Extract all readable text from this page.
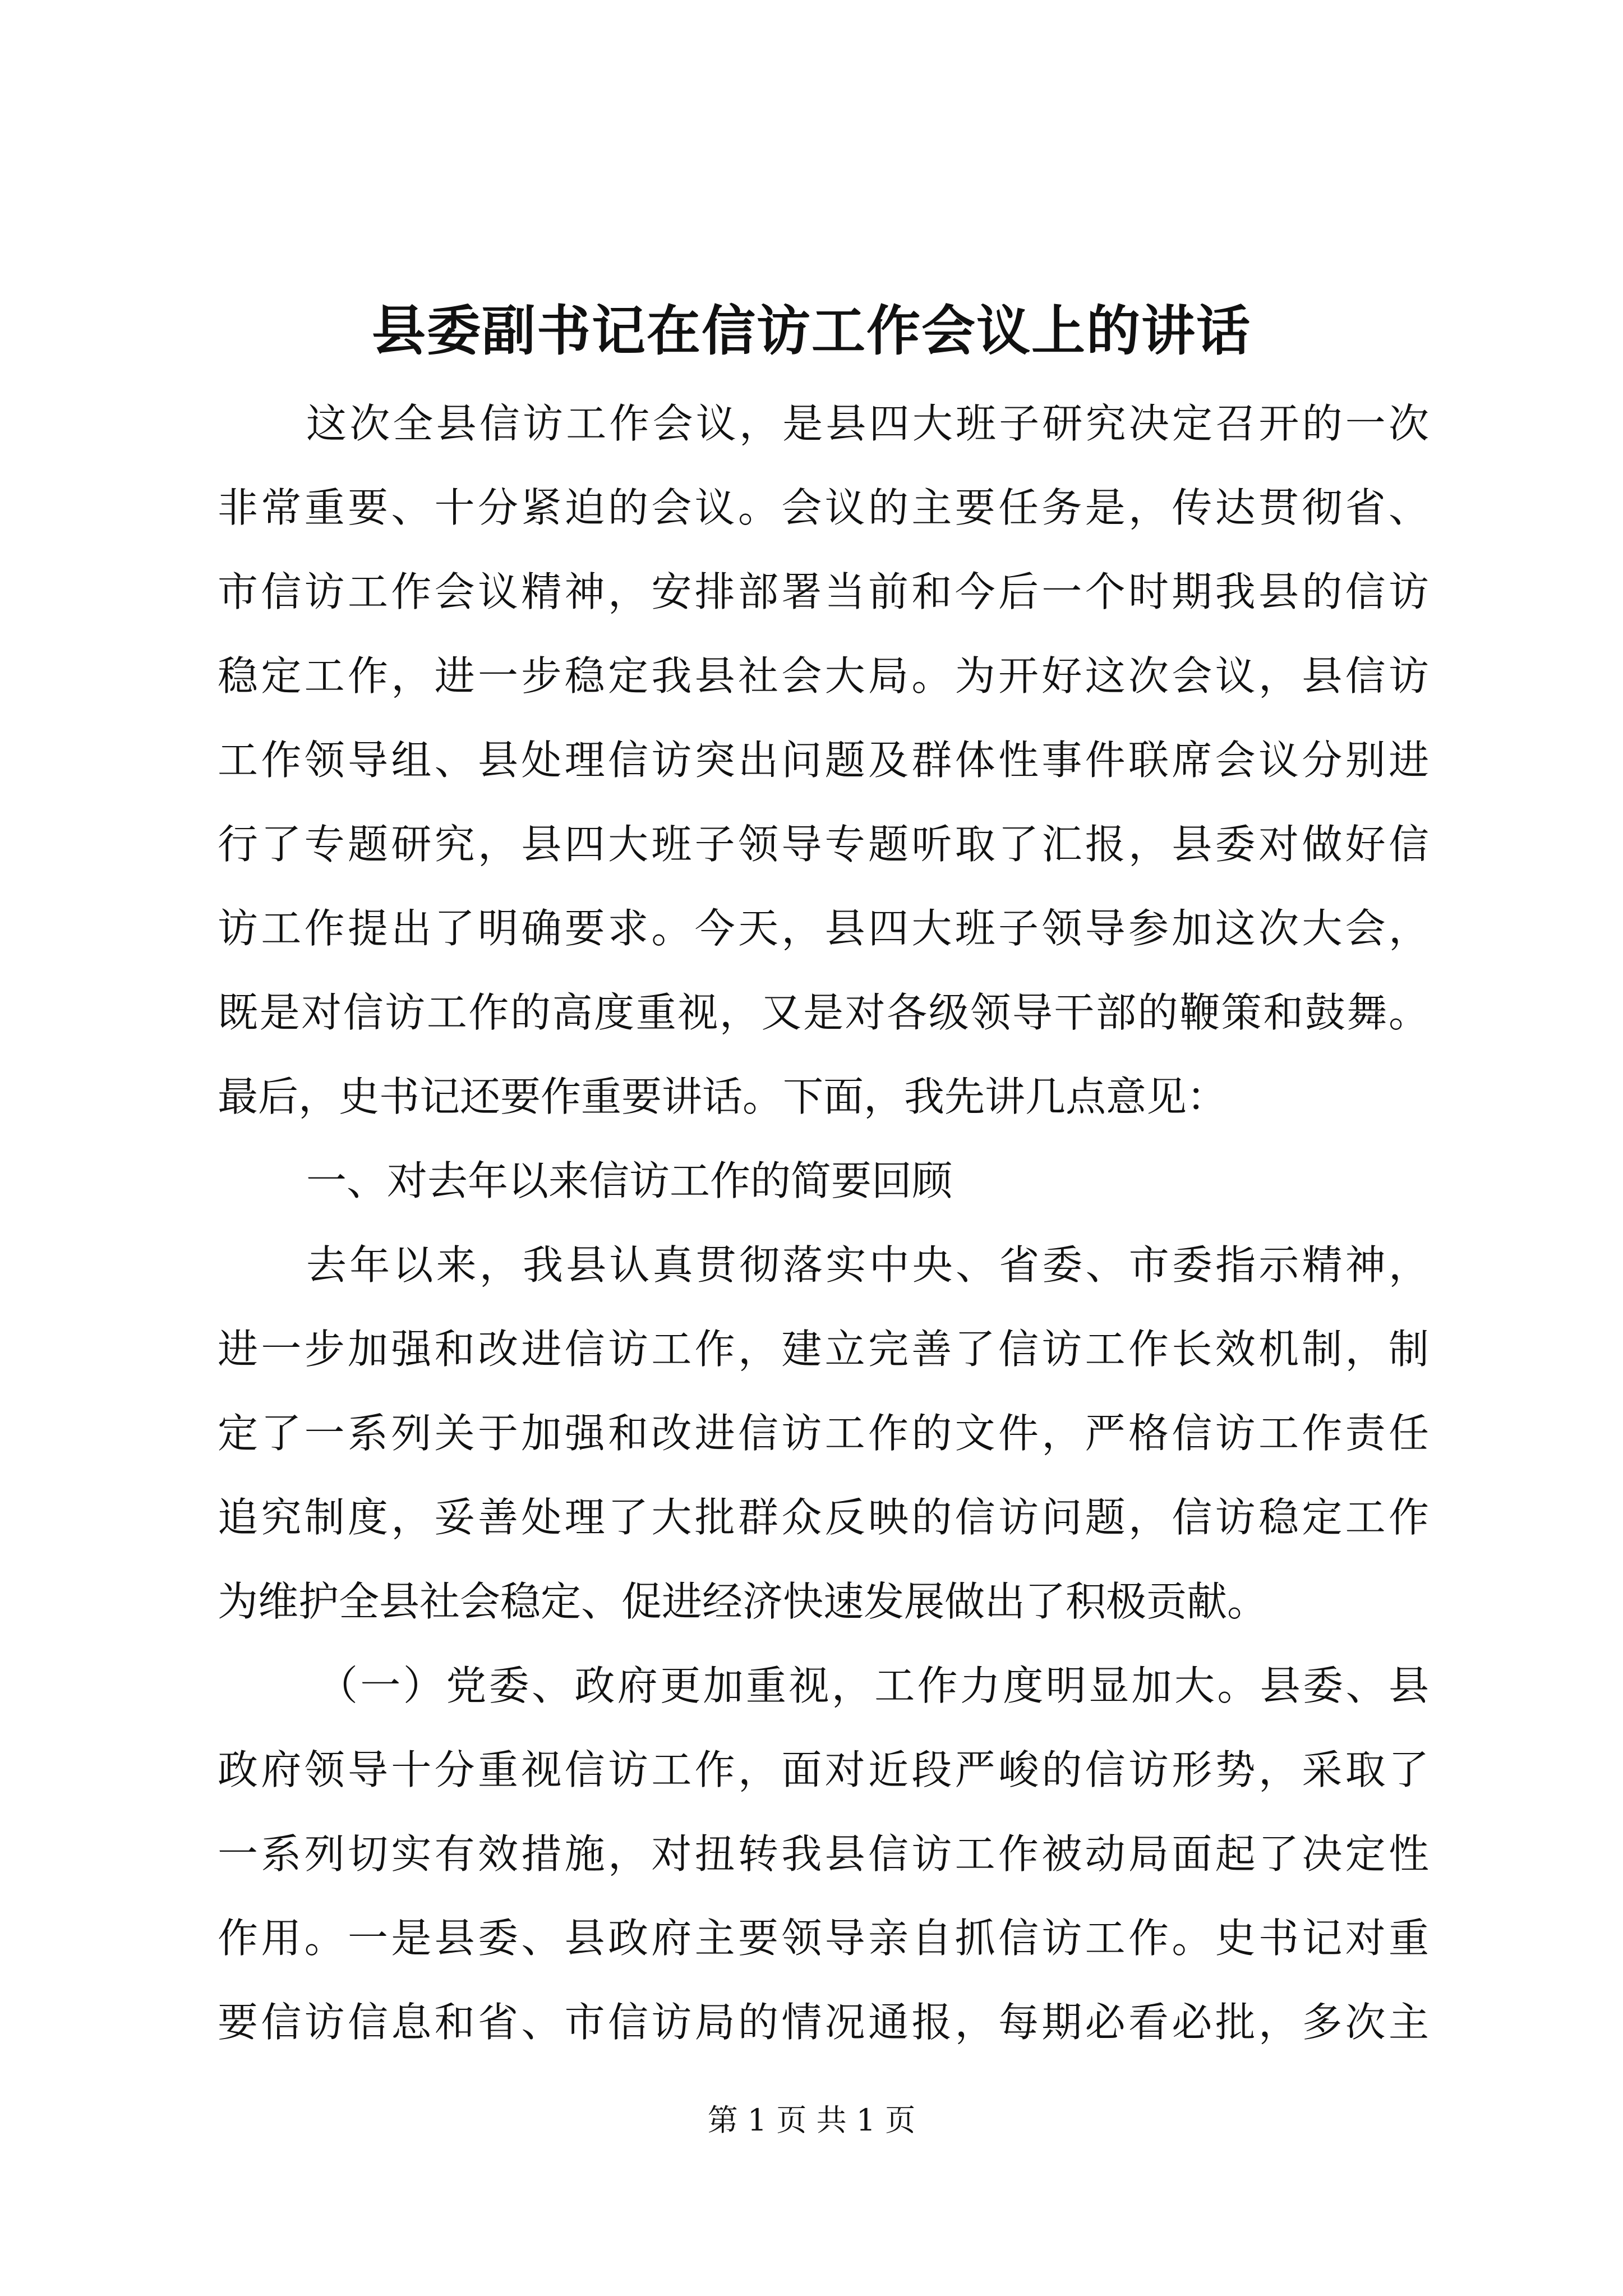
县委副书记在信访工作会议上的讲话
这次全县信访工作会议，是县四大班子研究决定召开的一次
非常重要、十分紧迫的会议。会议的主要任务是，传达贯彻省、
市信访工作会议精神，安排部署当前和今后一个时期我县的信访
稳定工作，进一步稳定我县社会大局。为开好这次会议，县信访
工作领导组、县处理信访突出问题及群体性事件联席会议分别进
行了专题研究，县四大班子领导专题听取了汇报，县委对做好信
访工作提出了明确要求。今天，县四大班子领导参加这次大会，
既是对信访工作的高度重视，又是对各级领导干部的鞭策和鼓舞。
最后，史书记还要作重要讲话。下面，我先讲几点意见：
一、对去年以来信访工作的简要回顾
去年以来，我县认真贯彻落实中央、省委、市委指示精神，
进一步加强和改进信访工作，建立完善了信访工作长效机制，制
定了一系列关于加强和改进信访工作的文件，严格信访工作责任
追究制度，妥善处理了大批群众反映的信访问题，信访稳定工作
为维护全县社会稳定、促进经济快速发展做出了积极贡献。
（一）党委、政府更加重视，工作力度明显加大。县委、县
政府领导十分重视信访工作，面对近段严峻的信访形势，采取了
一系列切实有效措施，对扭转我县信访工作被动局面起了决定性
作用。一是县委、县政府主要领导亲自抓信访工作。史书记对重
要信访信息和省、市信访局的情况通报，每期必看必批，多次主
第 1 页 共 1 页
